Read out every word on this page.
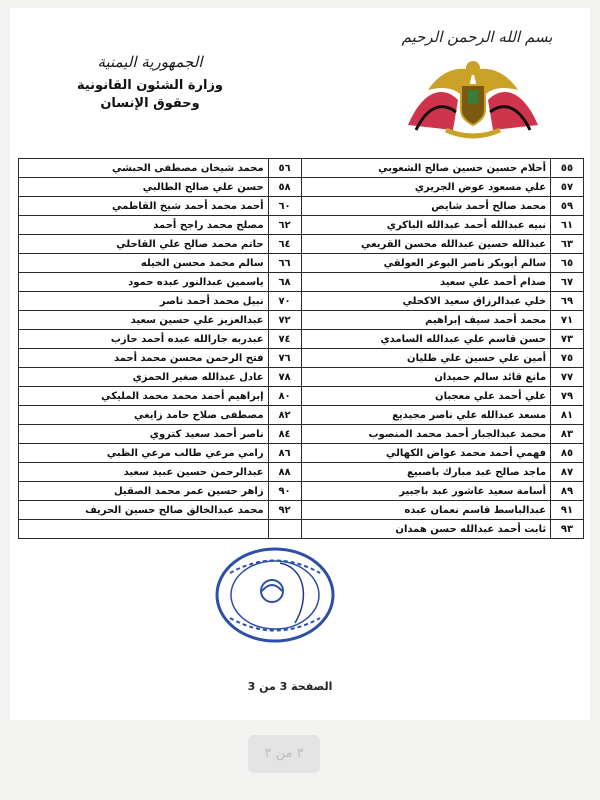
بسم الله الرحمن الرحيم
الجمهورية اليمنية
وزارة الشئون القانونية
وحقوق الإنسان
٥٥	أحلام حسين حسين صالح الشعوبي	٥٦	محمد شيخان مصطفى الحبشي
٥٧	علي مسعود عوض الجريري	٥٨	حسن علي صالح الطالبي
٥٩	محمد صالح أحمد شايص	٦٠	أحمد محمد أحمد شيخ القاطمي
٦١	نبيه عبدالله أحمد عبدالله الباكري	٦٢	مصلح محمد راجح أحمد
٦٣	عبدالله حسين عبدالله محسن القريعي	٦٤	حاتم محمد صالح علي القاحلي
٦٥	سالم أبوبكر ناصر البوعر العولقي	٦٦	سالم محمد محسن الخيله
٦٧	صدام أحمد علي سعيد	٦٨	ياسمين عبدالنور عبده حمود
٦٩	خلي عبدالرزاق سعيد الاكحلي	٧٠	نبيل محمد أحمد ناصر
٧١	محمد أحمد سيف إبراهيم	٧٢	عبدالعزيز علي حسين سعيد
٧٣	حسن قاسم علي عبدالله السامدي	٧٤	عبدربه جارالله عبده أحمد حازب
٧٥	أمين علي حسين علي طليان	٧٦	فتح الرحمن محسن محمد أحمد
٧٧	مانع قائد سالم حميدان	٧٨	عادل عبدالله صغير الحمزي
٧٩	علي أحمد علي معجبان	٨٠	إبراهيم أحمد محمد محمد المليكي
٨١	مسعد عبدالله علي ناصر مجيديع	٨٢	مصطفى صلاح حامد زايغي
٨٣	محمد عبدالجبار أحمد محمد المنصوب	٨٤	ناصر أحمد سعيد كتروي
٨٥	فهمي أحمد محمد عواض الكهالي	٨٦	رامي مرعي طالب مرعي الظبي
٨٧	ماجد صالح عبد مبارك باصبيع	٨٨	عبدالرحمن حسين عبيد سعيد
٨٩	أسامة سعيد عاشور عبد باجبير	٩٠	زاهر حسين عمر محمد الصقيل
٩١	عبدالباسط قاسم نعمان عبده	٩٢	محمد عبدالخالق صالح حسين الحريف
٩٣	ثابت أحمد عبدالله حسن همدان		
الصفحة 3 من 3
٣ من ٣
